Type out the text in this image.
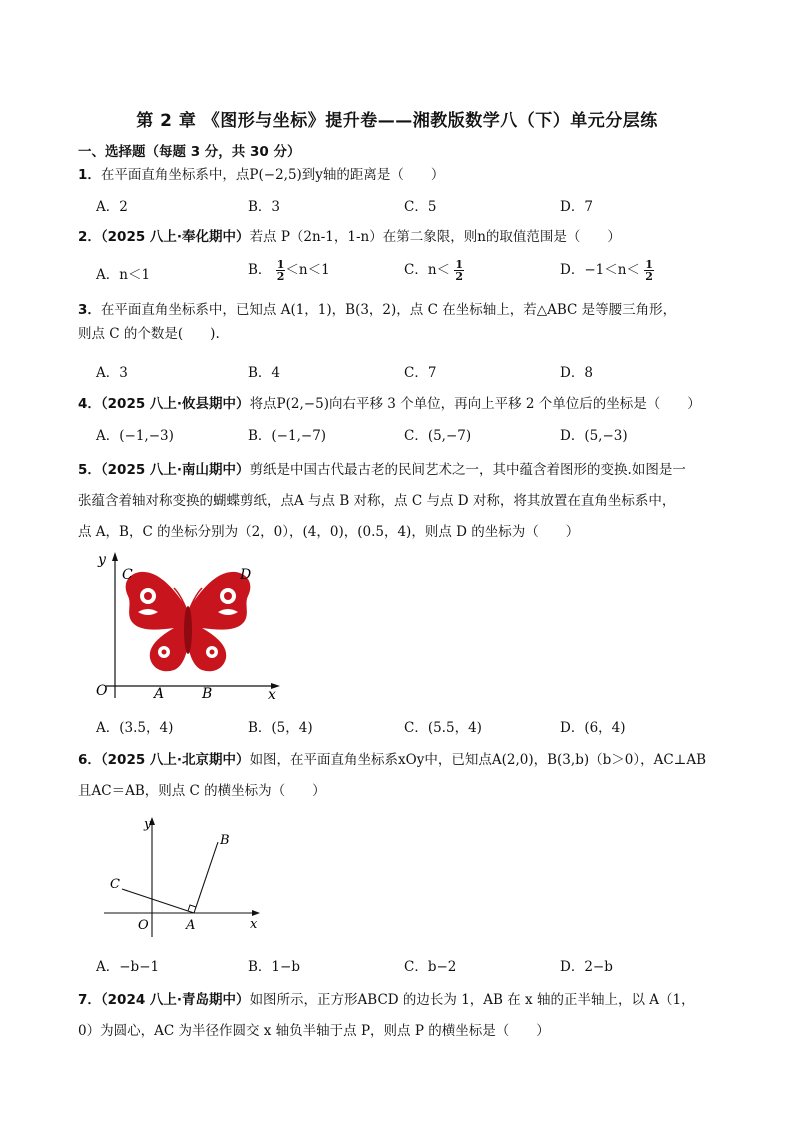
第 2 章 《图形与坐标》提升卷——湘教版数学八（下）单元分层练
一、选择题（每题 3 分，共 30 分）
1．在平面直角坐标系中，点P(−2,5)到y轴的距离是（　　）
A．2	B．3	C．5	D．7
2．（2025 八上·奉化期中）若点 P（2n-1，1-n）在第二象限，则n的取值范围是（　　）
A．n＜1	B． $\frac{1}{2} <n<1$	C．$n< \frac{1}{2}$	D．$-1<n< \frac{1}{2}$
3．在平面直角坐标系中，已知点 A(1，1)，B(3，2)，点 C 在坐标轴上，若△ABC 是等腰三角形，
则点 C 的个数是(　　).
A．3	B．4	C．7	D．8
4．（2025 八上·攸县期中）将点P(2,−5)向右平移 3 个单位，再向上平移 2 个单位后的坐标是（　　）
A．(−1,−3)	B．(−1,−7)	C．(5,−7)	D．(5,−3)
5．（2025 八上·南山期中）剪纸是中国古代最古老的民间艺术之一，其中蕴含着图形的变换.如图是一
张蕴含着轴对称变换的蝴蝶剪纸，点A 与点 B 对称，点 C 与点 D 对称，将其放置在直角坐标系中，
点 A，B，C 的坐标分别为（2，0），(4，0)，(0.5，4)，则点 D 的坐标为（　　）
y
x
O	A	B
C	D
A．(3.5，4)	B．(5，4)	C．(5.5，4)	D．(6，4)
6．（2025 八上·北京期中）如图，在平面直角坐标系xOy中，已知点A(2,0)，B(3,b)（b＞0），AC⊥AB
且AC＝AB，则点 C 的横坐标为（　　）
y
x
O	A
B
C
A．−b−1	B．1−b	C．b−2	D．2−b
7．（2024 八上·青岛期中）如图所示，正方形ABCD 的边长为 1，AB 在 x 轴的正半轴上，以 A（1，
0）为圆心，AC 为半径作圆交 x 轴负半轴于点 P，则点 P 的横坐标是（　　）
